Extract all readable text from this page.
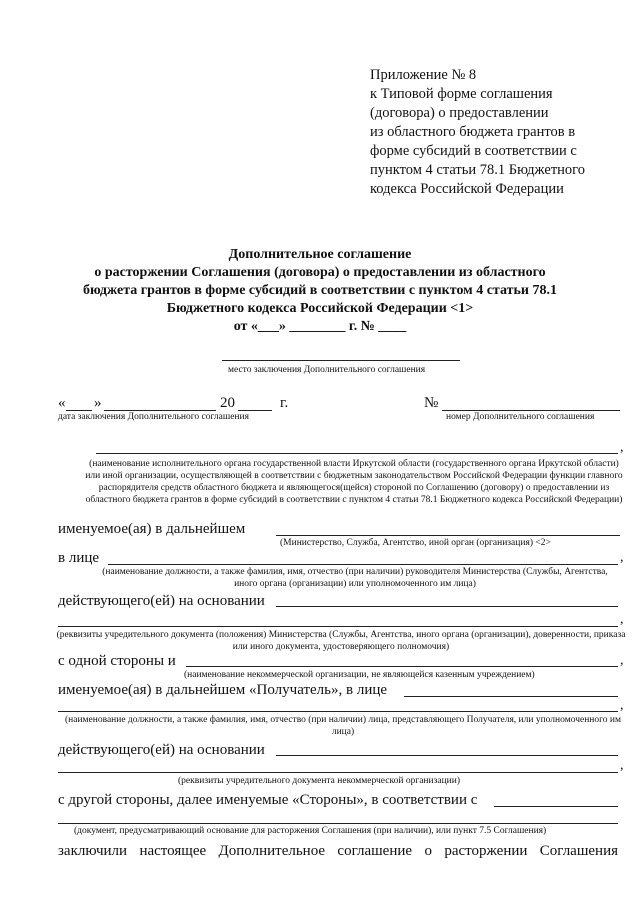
Приложение № 8
к Типовой форме соглашения
(договора) о предоставлении
из областного бюджета грантов в
форме субсидий в соответствии с
пунктом 4 статьи 78.1 Бюджетного
кодекса Российской Федерации
Дополнительное соглашение
о расторжении Соглашения (договора) о предоставлении из областного
бюджета грантов в форме субсидий в соответствии с пунктом 4 статьи 78.1
Бюджетного кодекса Российской Федерации <1>
от «___» ________ г. № ____
место заключения Дополнительного соглашения
« »	20	г.
дата заключения Дополнительного соглашения
№
номер Дополнительного соглашения
,
(наименование исполнительного органа государственной власти Иркутской области (государственного органа Иркутской области) или иной организации, осуществляющей в соответствии с бюджетным законодательством Российской Федерации функции главного распорядителя средств областного бюджета и являющегося(щейся) стороной по Соглашению (договору) о предоставлении из областного бюджета грантов в форме субсидий в соответствии с пунктом 4 статьи 78.1 Бюджетного кодекса Российской Федерации)
именуемое(ая) в дальнейшем
(Министерство, Служба, Агентство, иной орган (организация) <2>
в лице	,
(наименование должности, а также фамилия, имя, отчество (при наличии) руководителя Министерства (Службы, Агентства, иного органа (организации) или уполномоченного им лица)
действующего(ей) на основании
,
(реквизиты учредительного документа (положения) Министерства (Службы, Агентства, иного органа (организации), доверенности, приказа или иного документа, удостоверяющего полномочия)
с одной стороны и	,
(наименование некоммерческой организации, не являющейся казенным учреждением)
именуемое(ая) в дальнейшем «Получатель», в лице
,
(наименование должности, а также фамилия, имя, отчество (при наличии) лица, представляющего Получателя, или уполномоченного им лица)
действующего(ей) на основании
,
(реквизиты учредительного документа некоммерческой организации)
с другой стороны, далее именуемые «Стороны», в соответствии с
(документ, предусматривающий основание для расторжения Соглашения (при наличии), или пункт 7.5 Соглашения)
заключили настоящее Дополнительное соглашение о расторжении Соглашения
